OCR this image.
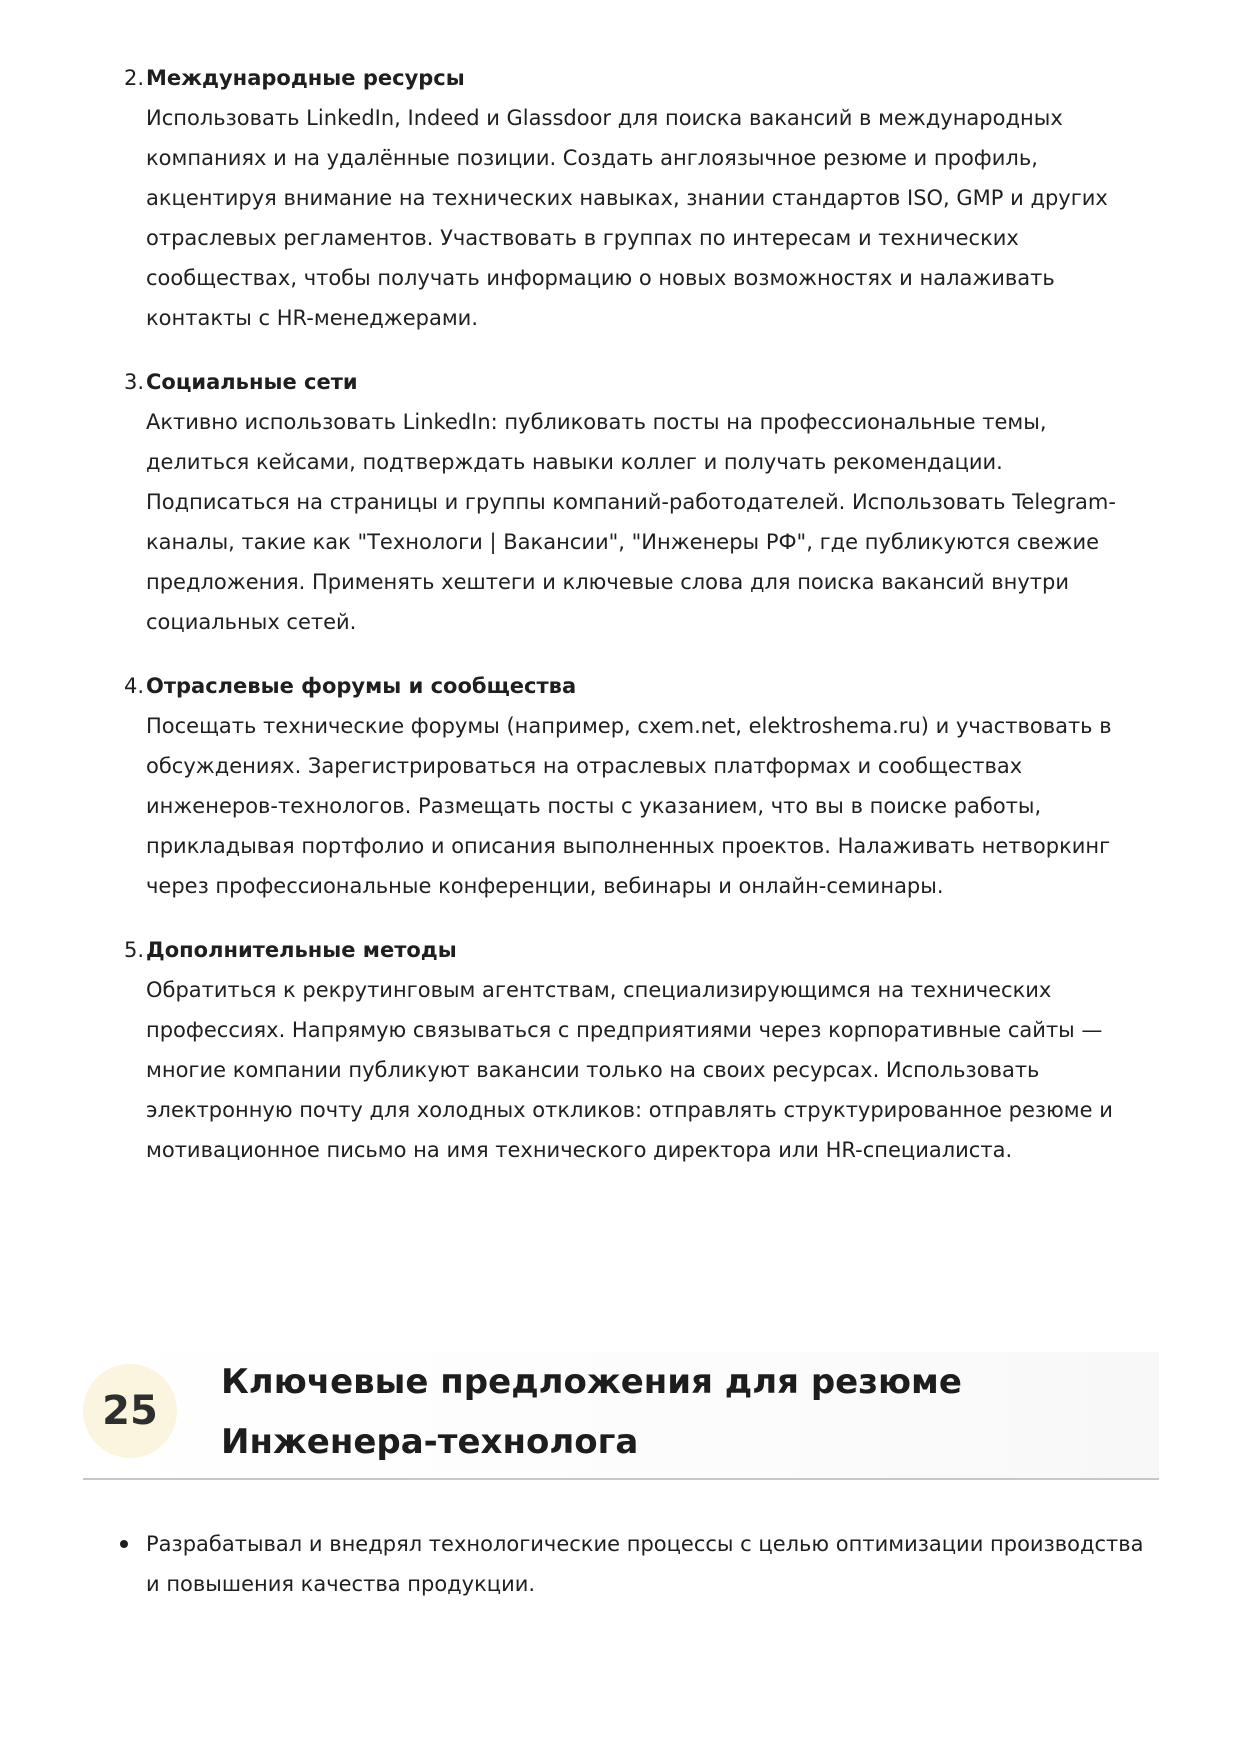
2. Международные ресурсы
Использовать LinkedIn, Indeed и Glassdoor для поиска вакансий в международных компаниях и на удалённые позиции. Создать англоязычное резюме и профиль, акцентируя внимание на технических навыках, знании стандартов ISO, GMP и других отраслевых регламентов. Участвовать в группах по интересам и технических сообществах, чтобы получать информацию о новых возможностях и налаживать контакты с HR-менеджерами.
3. Социальные сети
Активно использовать LinkedIn: публиковать посты на профессиональные темы, делиться кейсами, подтверждать навыки коллег и получать рекомендации. Подписаться на страницы и группы компаний-работодателей. Использовать Telegram-каналы, такие как "Технологи | Вакансии", "Инженеры РФ", где публикуются свежие предложения. Применять хештеги и ключевые слова для поиска вакансий внутри социальных сетей.
4. Отраслевые форумы и сообщества
Посещать технические форумы (например, cxem.net, elektroshema.ru) и участвовать в обсуждениях. Зарегистрироваться на отраслевых платформах и сообществах инженеров-технологов. Размещать посты с указанием, что вы в поиске работы, прикладывая портфолио и описания выполненных проектов. Налаживать нетворкинг через профессиональные конференции, вебинары и онлайн-семинары.
5. Дополнительные методы
Обратиться к рекрутинговым агентствам, специализирующимся на технических профессиях. Напрямую связываться с предприятиями через корпоративные сайты — многие компании публикуют вакансии только на своих ресурсах. Использовать электронную почту для холодных откликов: отправлять структурированное резюме и мотивационное письмо на имя технического директора или HR-специалиста.
25
Ключевые предложения для резюме Инженера-технолога
Разрабатывал и внедрял технологические процессы с целью оптимизации производства и повышения качества продукции.
